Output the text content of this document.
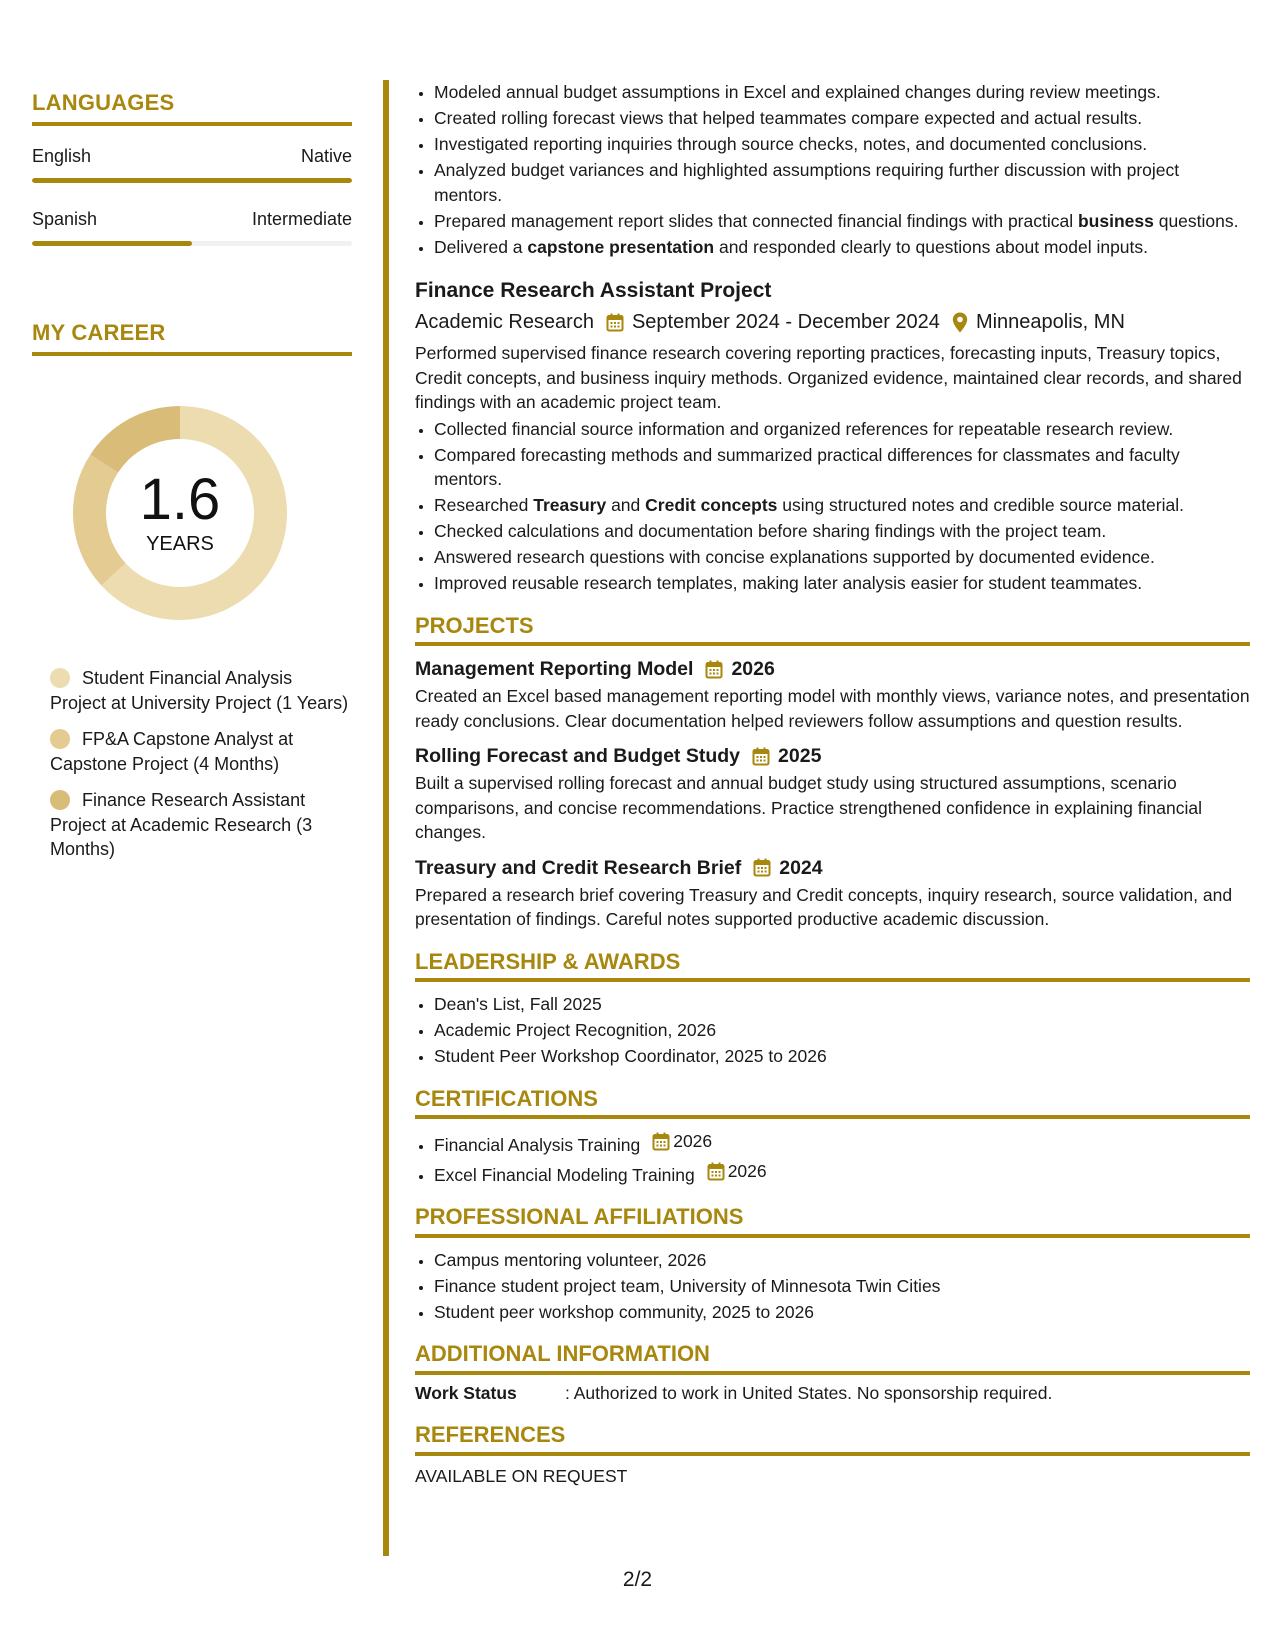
LANGUAGES
English	Native
Spanish	Intermediate
MY CAREER
1.6
YEARS
Student Financial Analysis Project at University Project (1 Years)
FP&A Capstone Analyst at Capstone Project (4 Months)
Finance Research Assistant Project at Academic Research (3 Months)
• Modeled annual budget assumptions in Excel and explained changes during review meetings.
• Created rolling forecast views that helped teammates compare expected and actual results.
• Investigated reporting inquiries through source checks, notes, and documented conclusions.
• Analyzed budget variances and highlighted assumptions requiring further discussion with project mentors.
• Prepared management report slides that connected financial findings with practical business questions.
• Delivered a capstone presentation and responded clearly to questions about model inputs.
Finance Research Assistant Project
Academic Research September 2024 - December 2024 Minneapolis, MN

Performed supervised finance research covering reporting practices, forecasting inputs, Treasury topics, Credit concepts, and business inquiry methods. Organized evidence, maintained clear records, and shared findings with an academic project team.

• Collected financial source information and organized references for repeatable research review.
• Compared forecasting methods and summarized practical differences for classmates and faculty mentors.
• Researched Treasury and Credit concepts using structured notes and credible source material.
• Checked calculations and documentation before sharing findings with the project team.
• Answered research questions with concise explanations supported by documented evidence.
• Improved reusable research templates, making later analysis easier for student teammates.
PROJECTS
Management Reporting Model 2026

Created an Excel based management reporting model with monthly views, variance notes, and presentation ready conclusions. Clear documentation helped reviewers follow assumptions and question results.

Rolling Forecast and Budget Study 2025

Built a supervised rolling forecast and annual budget study using structured assumptions, scenario comparisons, and concise recommendations. Practice strengthened confidence in explaining financial changes.

Treasury and Credit Research Brief 2024

Prepared a research brief covering Treasury and Credit concepts, inquiry research, source validation, and presentation of findings. Careful notes supported productive academic discussion.

LEADERSHIP & AWARDS
• Dean's List, Fall 2025
• Academic Project Recognition, 2026
• Student Peer Workshop Coordinator, 2025 to 2026
CERTIFICATIONS
• Financial Analysis Training 2026
• Excel Financial Modeling Training 2026
PROFESSIONAL AFFILIATIONS
• Campus mentoring volunteer, 2026
• Finance student project team, University of Minnesota Twin Cities
• Student peer workshop community, 2025 to 2026
ADDITIONAL INFORMATION
Work Status	: Authorized to work in United States. No sponsorship required.
REFERENCES
AVAILABLE ON REQUEST
2/2
